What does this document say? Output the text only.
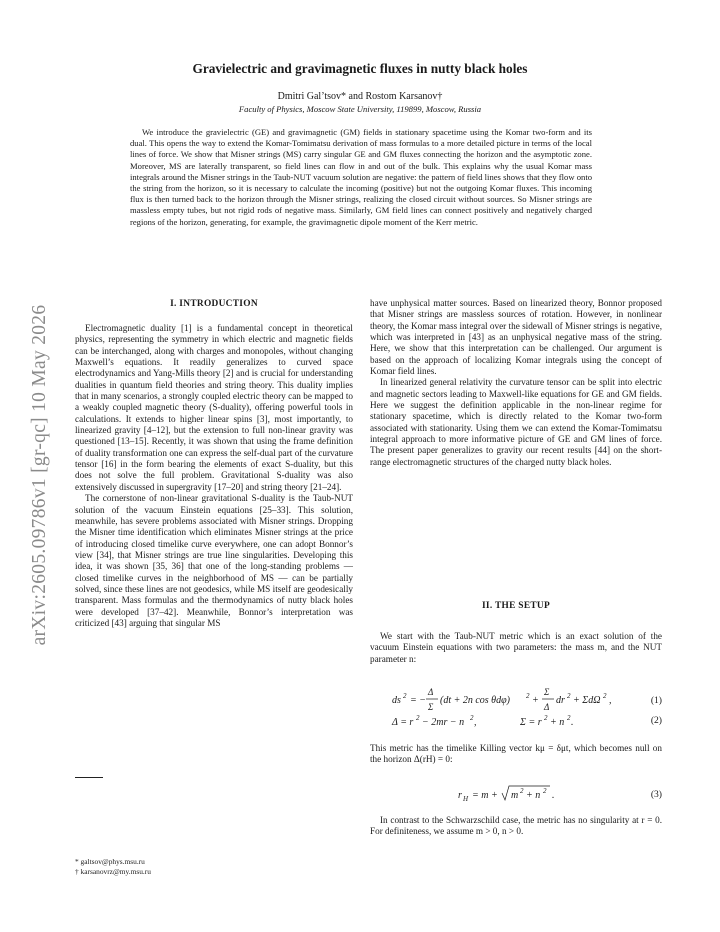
arXiv:2605.09786v1 [gr-qc] 10 May 2026
Gravielectric and gravimagnetic fluxes in nutty black holes
Dmitri Gal’tsov* and Rostom Karsanov†
Faculty of Physics, Moscow State University, 119899, Moscow, Russia
We introduce the gravielectric (GE) and gravimagnetic (GM) fields in stationary spacetime using the Komar two-form and its dual. This opens the way to extend the Komar-Tomimatsu derivation of mass formulas to a more detailed picture in terms of the local lines of force. We show that Misner strings (MS) carry singular GE and GM fluxes connecting the horizon and the asymptotic zone. Moreover, MS are laterally transparent, so field lines can flow in and out of the bulk. This explains why the usual Komar mass integrals around the Misner strings in the Taub-NUT vacuum solution are negative: the pattern of field lines shows that they flow onto the string from the horizon, so it is necessary to calculate the incoming (positive) but not the outgoing Komar fluxes. This incoming flux is then turned back to the horizon through the Misner strings, realizing the closed circuit without sources. So Misner strings are massless empty tubes, but not rigid rods of negative mass. Similarly, GM field lines can connect positively and negatively charged regions of the horizon, generating, for example, the gravimagnetic dipole moment of the Kerr metric.
I. INTRODUCTION

Electromagnetic duality [1] is a fundamental concept in theoretical physics, representing the symmetry in which electric and magnetic fields can be interchanged, along with charges and monopoles, without changing Maxwell’s equations. It readily generalizes to curved space electrodynamics and Yang-Mills theory [2] and is crucial for understanding dualities in quantum field theories and string theory. This duality implies that in many scenarios, a strongly coupled electric theory can be mapped to a weakly coupled magnetic theory (S-duality), offering powerful tools in calculations. It extends to higher linear spins [3], most importantly, to linearized gravity [4–12], but the extension to full non-linear gravity was questioned [13–15]. Recently, it was shown that using the frame definition of duality transformation one can express the self-dual part of the curvature tensor [16] in the form bearing the elements of exact S-duality, but this does not solve the full problem. Gravitational S-duality was also extensively discussed in supergravity [17–20] and string theory [21–24].

The cornerstone of non-linear gravitational S-duality is the Taub-NUT solution of the vacuum Einstein equations [25–33]. This solution, meanwhile, has severe problems associated with Misner strings. Dropping the Misner time identification which eliminates Misner strings at the price of introducing closed timelike curve everywhere, one can adopt Bonnor’s view [34], that Misner strings are true line singularities. Developing this idea, it was shown [35, 36] that one of the long-standing problems — closed timelike curves in the neighborhood of MS — can be partially solved, since these lines are not geodesics, while MS itself are geodesically transparent. Mass formulas and the thermodynamics of nutty black holes were developed [37–42]. Meanwhile, Bonnor’s interpretation was criticized [43] arguing that singular MS

have unphysical matter sources. Based on linearized theory, Bonnor proposed that Misner strings are massless sources of rotation. However, in nonlinear theory, the Komar mass integral over the sidewall of Misner strings is negative, which was interpreted in [43] as an unphysical negative mass of the string. Here, we show that this interpretation can be challenged. Our argument is based on the approach of localizing Komar integrals using the concept of Komar field lines.

In linearized general relativity the curvature tensor can be split into electric and magnetic sectors leading to Maxwell-like equations for GE and GM fields. Here we suggest the definition applicable in the non-linear regime for stationary spacetime, which is directly related to the Komar two-form associated with stationarity. Using them we can extend the Komar-Tomimatsu integral approach to more informative picture of GE and GM lines of force. The present paper generalizes to gravity our recent results [44] on the short-range electromagnetic structures of the charged nutty black holes.

II. THE SETUP

We start with the Taub-NUT metric which is an exact solution of the vacuum Einstein equations with two parameters: the mass m, and the NUT parameter n:

ds 2 = −
Δ
Σ
(dt + 2n cos θdφ) 2 +
Σ
Δ
dr 2 + ΣdΩ 2 ,	(1)
Δ = r 2 − 2mr − n 2 ,	Σ = r 2 + n 2 .	(2)

This metric has the timelike Killing vector kμ = δμt, which becomes null on the horizon Δ(rH) = 0:

r H = m + m 2 + n 2 .	(3)

In contrast to the Schwarzschild case, the metric has no singularity at r = 0. For definiteness, we assume m > 0, n > 0.

* galtsov@phys.msu.ru
† karsanovrz@my.msu.ru
